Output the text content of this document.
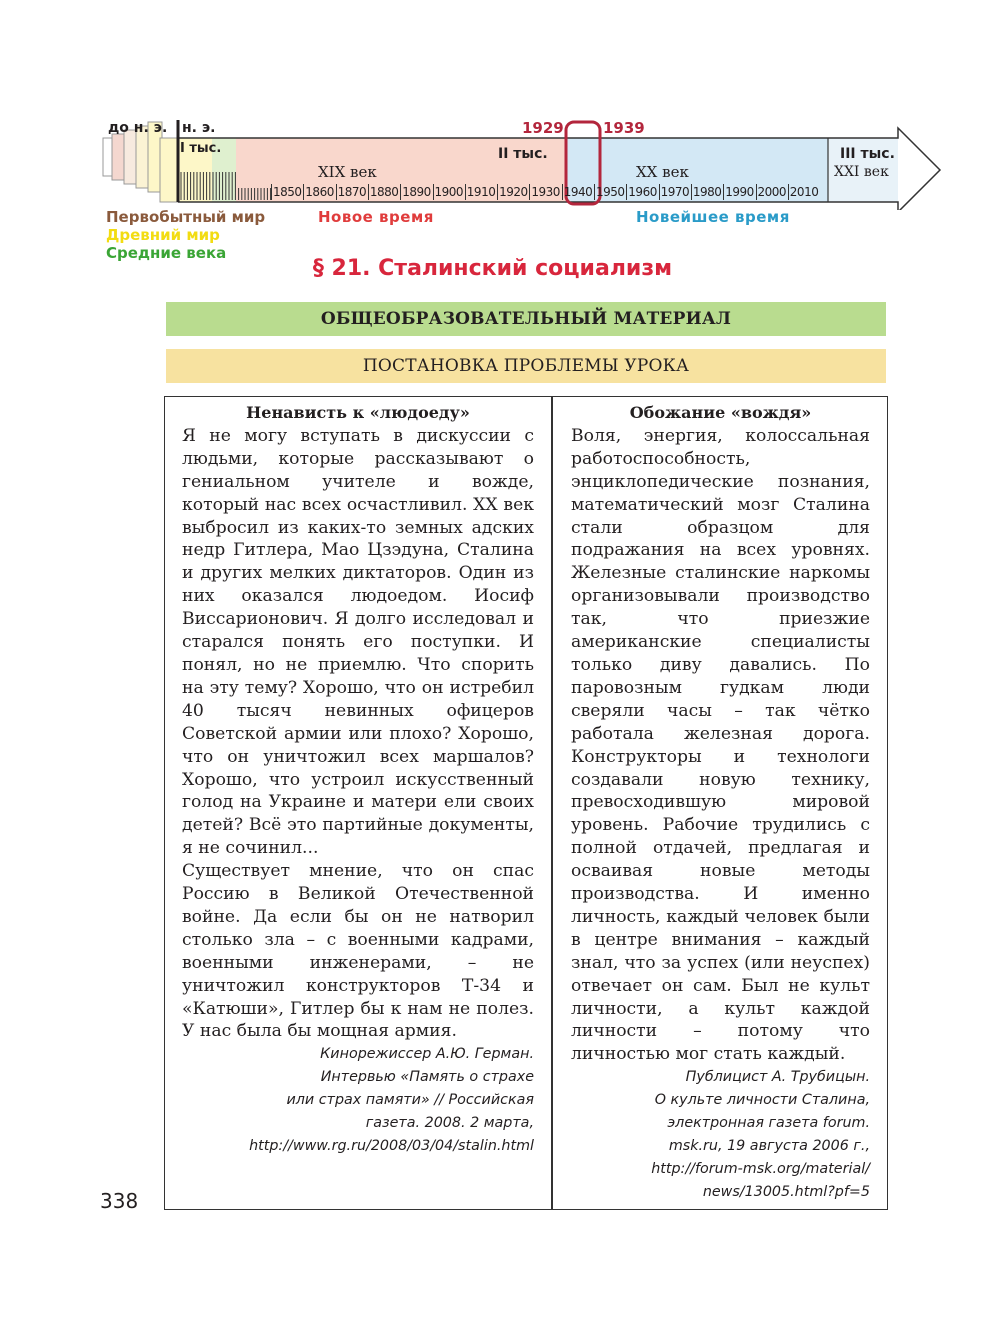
до н. э. н. э.
I тыс.	II тыс.	III тыс.
XIX век	XX век	XXI век
1929	1939
1850 1860 1870 1880 1890 1900 1910 1920 1930 1940 1950 1960 1970 1980 1990 2000 2010
Первобытный мир
Древний мир
Средние века
Новое время	Новейшее время
§ 21. Сталинский социализм
ОБЩЕОБРАЗОВАТЕЛЬНЫЙ МАТЕРИАЛ
ПОСТАНОВКА ПРОБЛЕМЫ УРОКА
Ненависть к «людоеду»

Я не могу вступать в дискуссии с людьми, которые рассказывают о гениальном учителе и вожде, который нас всех осчастливил. XX век выбросил из каких-то земных адских недр Гитлера, Мао Цзэдуна, Сталина и других мелких диктаторов. Один из них оказался людоедом. Иосиф Виссарионович. Я долго исследовал и старался понять его поступки. И понял, но не приемлю. Что спорить на эту тему? Хорошо, что он истребил 40 тысяч невинных офицеров Советской армии или плохо? Хорошо, что он уничтожил всех маршалов? Хорошо, что устроил искусственный голод на Украине и матери ели своих детей? Всё это партийные документы, я не сочинил...

Существует мнение, что он спас Россию в Великой Отечественной войне. Да если бы он не натворил столько зла – с военными кадрами, военными инженерами, – не уничтожил конструкторов Т-34 и «Катюши», Гитлер бы к нам не полез. У нас была бы мощная армия.

Кинорежиссер А.Ю. Герман.
Интервью «Память о страхе
или страх памяти» // Российская
газета. 2008. 2 марта,
http://www.rg.ru/2008/03/04/stalin.html
Обожание «вождя»

Воля, энергия, колоссальная работоспособность, энциклопедические познания, математический мозг Сталина стали образцом для подражания на всех уровнях. Железные сталинские наркомы организовывали производство так, что приезжие американские специалисты только диву давались. По паровозным гудкам люди сверяли часы – так чётко работала железная дорога. Конструкторы и технологи создавали новую технику, превосходившую мировой уровень. Рабочие трудились с полной отдачей, предлагая и осваивая новые методы производства. И именно личность, каждый человек были в центре внимания – каждый знал, что за успех (или неуспех) отвечает он сам. Был не культ личности, а культ каждой личности – потому что личностью мог стать каждый.

Публицист А. Трубицын.
О культе личности Сталина,
электронная газета forum.
msk.ru, 19 августа 2006 г.,
http://forum-msk.org/material/
news/13005.html?pf=5
338
